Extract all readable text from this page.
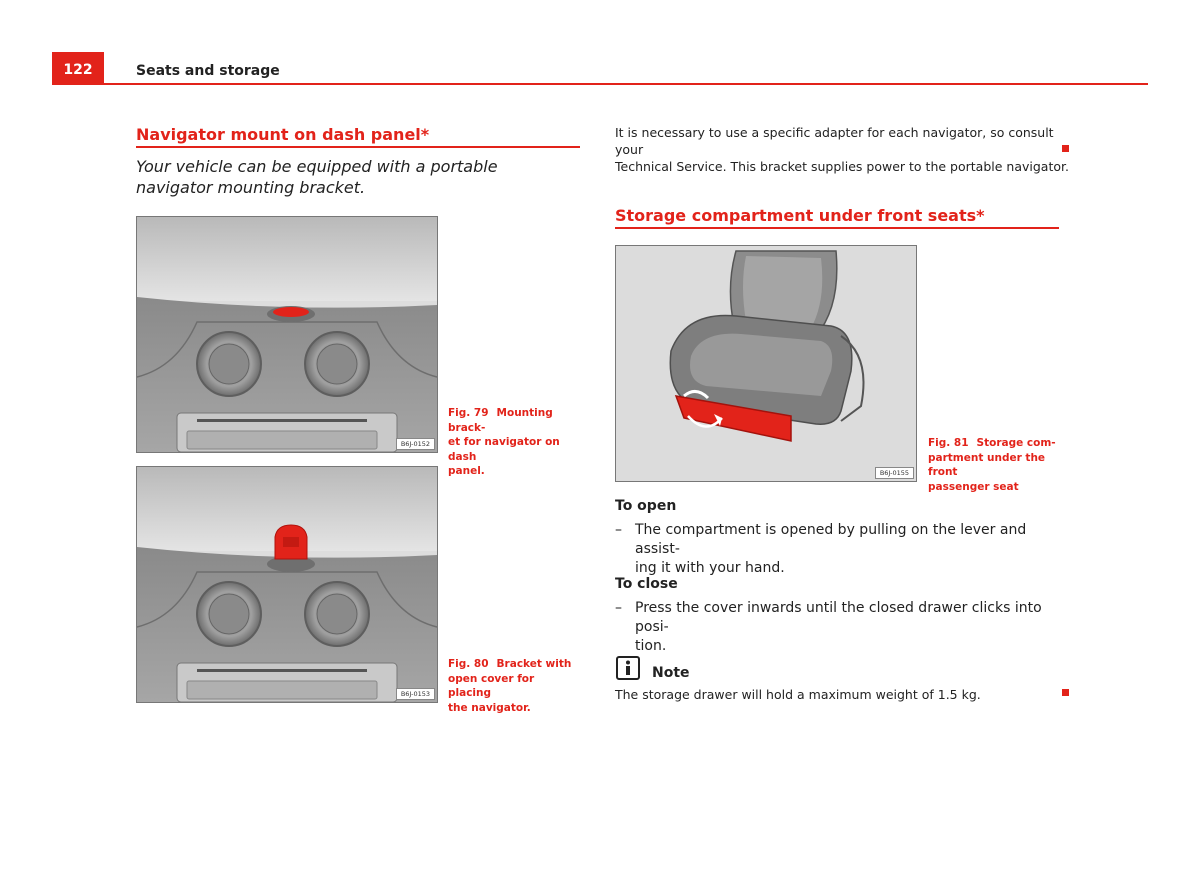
122	Seats and storage
Navigator mount on dash panel*
Your vehicle can be equipped with a portable navigator mounting bracket.
B6J-0152
Fig. 79 Mounting brack-
et for navigator on dash
panel.
B6J-0153
Fig. 80 Bracket with
open cover for placing
the navigator.
It is necessary to use a specific adapter for each navigator, so consult your
Technical Service. This bracket supplies power to the portable navigator.
Storage compartment under front seats*
B6J-0155
Fig. 81 Storage com-
partment under the front
passenger seat
To open
– The compartment is opened by pulling on the lever and assist-
ing it with your hand.
To close
– Press the cover inwards until the closed drawer clicks into posi-
tion.
Note
The storage drawer will hold a maximum weight of 1.5 kg.
